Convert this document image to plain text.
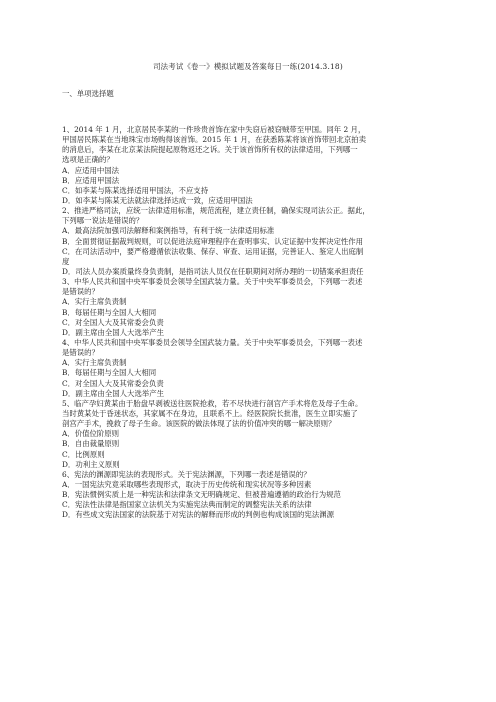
司法考试《卷一》模拟试题及答案每日一练(2014.3.18)
一、单项选择题
1、2014 年 1 月，北京居民李某的一件珍贵首饰在家中失窃后被窃贼带至甲国。同年 2 月，
甲国居民陈某在当地珠宝市场购得该首饰。2015 年 1 月，在获悉陈某将该首饰带回北京拍卖
的消息后，李某在北京某法院提起原物返还之诉。关于该首饰所有权的法律适用，下列哪一
选项是正确的？
A．应适用中国法
B．应适用甲国法
C．如李某与陈某选择适用甲国法，不应支持
D．如李某与陈某无法就法律选择达成一致，应适用甲国法
2、推进严格司法，应统一法律适用标准，规范流程，建立责任制，确保实现司法公正。据此，
下列哪一说法是错误的？
A．最高法院加强司法解释和案例指导，有利于统一法律适用标准
B．全面贯彻证据裁判规则，可以促进法庭审理程序在查明事实、认定证据中发挥决定性作用
C．在司法活动中，要严格遵循依法收集、保存、审查、运用证据，完善证人、鉴定人出庭制
度
D．司法人员办案质量终身负责制，是指司法人员仅在任职期间对所办理的一切错案承担责任
3、中华人民共和国中央军事委员会领导全国武装力量。关于中央军事委员会，下列哪一表述
是错误的？
A．实行主席负责制
B．每届任期与全国人大相同
C．对全国人大及其常委会负责
D．副主席由全国人大选举产生
4、中华人民共和国中央军事委员会领导全国武装力量。关于中央军事委员会，下列哪一表述
是错误的？
A．实行主席负责制
B．每届任期与全国人大相同
C．对全国人大及其常委会负责
D．副主席由全国人大选举产生
5、临产孕妇黄某由于胎盘早剥被送往医院抢救，若不尽快进行剖宫产手术将危及母子生命。
当时黄某处于昏迷状态，其家属不在身边，且联系不上。经医院院长批准，医生立即实施了
剖宫产手术，挽救了母子生命。该医院的做法体现了法的价值冲突的哪一解决原则？
A．价值位阶原则
B．自由裁量原则
C．比例原则
D．功利主义原则
6、宪法的渊源即宪法的表现形式。关于宪法渊源，下列哪一表述是错误的？
A．一国宪法究竟采取哪些表现形式，取决于历史传统和现实状况等多种因素
B．宪法惯例实质上是一种宪法和法律条文无明确规定、但被普遍遵循的政治行为规范
C．宪法性法律是指国家立法机关为实施宪法典而制定的调整宪法关系的法律
D．有些成文宪法国家的法院基于对宪法的解释而形成的判例也构成该国的宪法渊源
